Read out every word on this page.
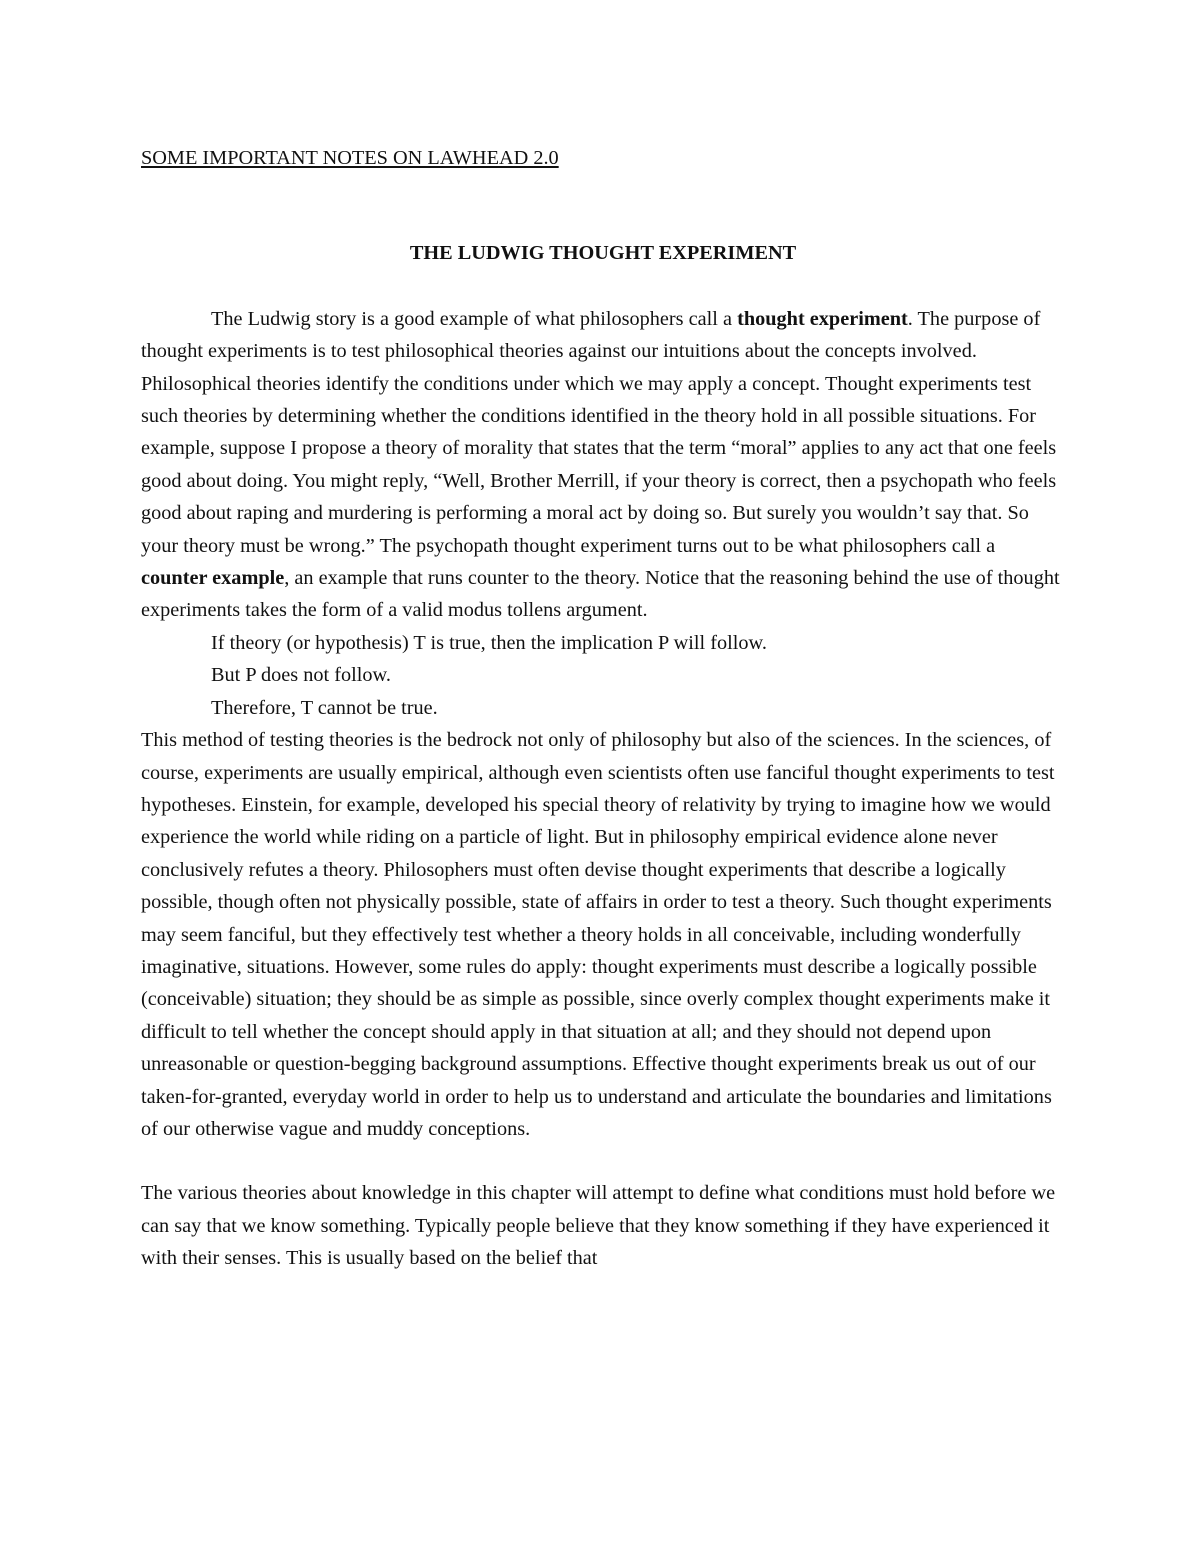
SOME IMPORTANT NOTES ON LAWHEAD 2.0

THE LUDWIG THOUGHT EXPERIMENT

The Ludwig story is a good example of what philosophers call a thought experiment. The purpose of thought experiments is to test philosophical theories against our intuitions about the concepts involved. Philosophical theories identify the conditions under which we may apply a concept. Thought experiments test such theories by determining whether the conditions identified in the theory hold in all possible situations. For example, suppose I propose a theory of morality that states that the term “moral” applies to any act that one feels good about doing. You might reply, “Well, Brother Merrill, if your theory is correct, then a psychopath who feels good about raping and murdering is performing a moral act by doing so. But surely you wouldn’t say that. So your theory must be wrong.” The psychopath thought experiment turns out to be what philosophers call a counter example, an example that runs counter to the theory. Notice that the reasoning behind the use of thought experiments takes the form of a valid modus tollens argument.

If theory (or hypothesis) T is true, then the implication P will follow.

But P does not follow.

Therefore, T cannot be true.

This method of testing theories is the bedrock not only of philosophy but also of the sciences. In the sciences, of course, experiments are usually empirical, although even scientists often use fanciful thought experiments to test hypotheses. Einstein, for example, developed his special theory of relativity by trying to imagine how we would experience the world while riding on a particle of light. But in philosophy empirical evidence alone never conclusively refutes a theory. Philosophers must often devise thought experiments that describe a logically possible, though often not physically possible, state of affairs in order to test a theory. Such thought experiments may seem fanciful, but they effectively test whether a theory holds in all conceivable, including wonderfully imaginative, situations. However, some rules do apply: thought experiments must describe a logically possible (conceivable) situation; they should be as simple as possible, since overly complex thought experiments make it difficult to tell whether the concept should apply in that situation at all; and they should not depend upon unreasonable or question-begging background assumptions. Effective thought experiments break us out of our taken-for-granted, everyday world in order to help us to understand and articulate the boundaries and limitations of our otherwise vague and muddy conceptions.

The various theories about knowledge in this chapter will attempt to define what conditions must hold before we can say that we know something. Typically people believe that they know something if they have experienced it with their senses. This is usually based on the belief that
